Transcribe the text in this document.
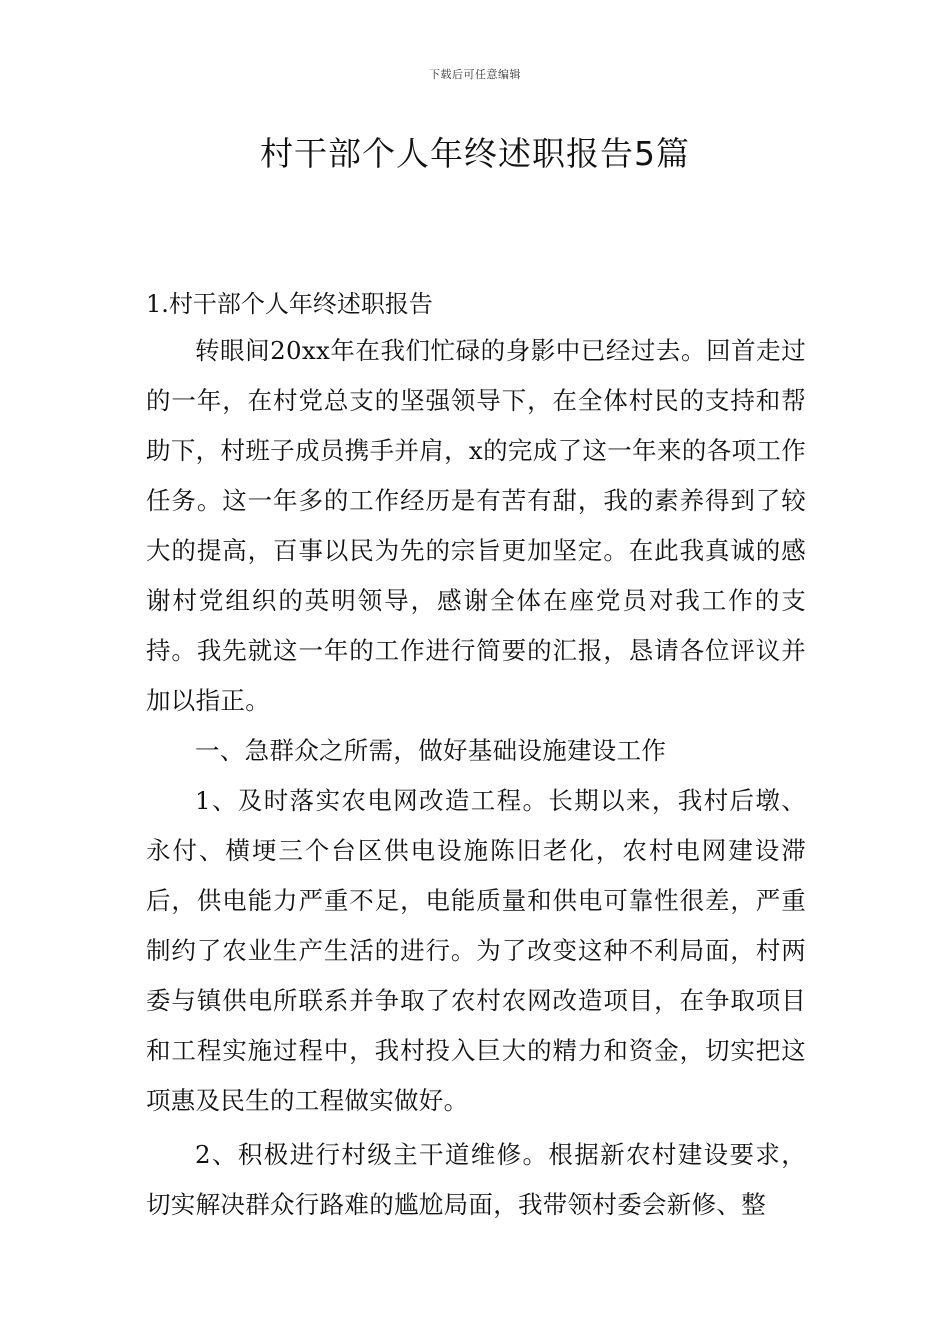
下载后可任意编辑
村干部个人年终述职报告5篇

1.村干部个人年终述职报告

转眼间20xx年在我们忙碌的身影中已经过去。回首走过的一年，在村党总支的坚强领导下，在全体村民的支持和帮助下，村班子成员携手并肩，x的完成了这一年来的各项工作任务。这一年多的工作经历是有苦有甜，我的素养得到了较大的提高，百事以民为先的宗旨更加坚定。在此我真诚的感谢村党组织的英明领导，感谢全体在座党员对我工作的支持。我先就这一年的工作进行简要的汇报，恳请各位评议并加以指正。

一、急群众之所需，做好基础设施建设工作

1、及时落实农电网改造工程。长期以来，我村后墩、永付、横埂三个台区供电设施陈旧老化，农村电网建设滞后，供电能力严重不足，电能质量和供电可靠性很差，严重制约了农业生产生活的进行。为了改变这种不利局面，村两委与镇供电所联系并争取了农村农网改造项目，在争取项目和工程实施过程中，我村投入巨大的精力和资金，切实把这项惠及民生的工程做实做好。

2、积极进行村级主干道维修。根据新农村建设要求，切实解决群众行路难的尴尬局面，我带领村委会新修、整
